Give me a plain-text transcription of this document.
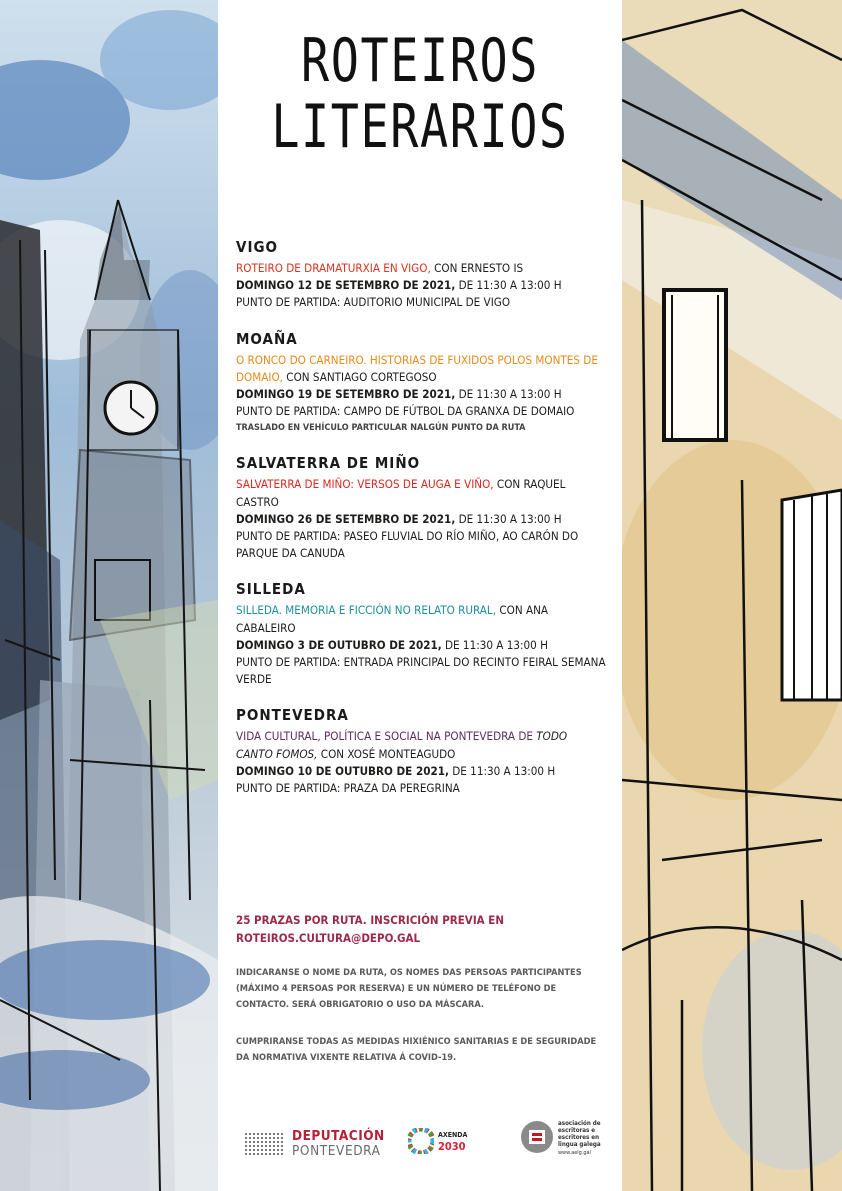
ROTEIROS
LITERARIOS
VIGO
ROTEIRO DE DRAMATURXIA EN VIGO, CON ERNESTO IS
DOMINGO 12 DE SETEMBRO DE 2021, DE 11:30 A 13:00 H
PUNTO DE PARTIDA: AUDITORIO MUNICIPAL DE VIGO
MOAÑA
O RONCO DO CARNEIRO. HISTORIAS DE FUXIDOS POLOS MONTES DE DOMAIO, CON SANTIAGO CORTEGOSO
DOMINGO 19 DE SETEMBRO DE 2021, DE 11:30 A 13:00 H
PUNTO DE PARTIDA: CAMPO DE FÚTBOL DA GRANXA DE DOMAIO
TRASLADO EN VEHÍCULO PARTICULAR NALGÚN PUNTO DA RUTA
SALVATERRA DE MIÑO
SALVATERRA DE MIÑO: VERSOS DE AUGA E VIÑO, CON RAQUEL CASTRO
DOMINGO 26 DE SETEMBRO DE 2021, DE 11:30 A 13:00 H
PUNTO DE PARTIDA: PASEO FLUVIAL DO RÍO MIÑO, AO CARÓN DO PARQUE DA CANUDA
SILLEDA
SILLEDA. MEMORIA E FICCIÓN NO RELATO RURAL, CON ANA CABALEIRO
DOMINGO 3 DE OUTUBRO DE 2021, DE 11:30 A 13:00 H
PUNTO DE PARTIDA: ENTRADA PRINCIPAL DO RECINTO FEIRAL SEMANA VERDE
PONTEVEDRA
VIDA CULTURAL, POLÍTICA E SOCIAL NA PONTEVEDRA DE TODO CANTO FOMOS, CON XOSÉ MONTEAGUDO
DOMINGO 10 DE OUTUBRO DE 2021, DE 11:30 A 13:00 H
PUNTO DE PARTIDA: PRAZA DA PEREGRINA
25 PRAZAS POR RUTA. INSCRICIÓN PREVIA EN
ROTEIROS.CULTURA@DEPO.GAL
INDICARANSE O NOME DA RUTA, OS NOMES DAS PERSOAS PARTICIPANTES (MÁXIMO 4 PERSOAS POR RESERVA) E UN NÚMERO DE TELÉFONO DE CONTACTO. SERÁ OBRIGATORIO O USO DA MÁSCARA.
CUMPRIRANSE TODAS AS MEDIDAS HIXIÉNICO SANITARIAS E DE SEGURIDADE DA NORMATIVA VIXENTE RELATIVA Á COVID-19.
DEPUTACIÓN
PONTEVEDRA
AXENDA
2030
asociación de escritoras e escritores en lingua galega
www.aelg.gal
